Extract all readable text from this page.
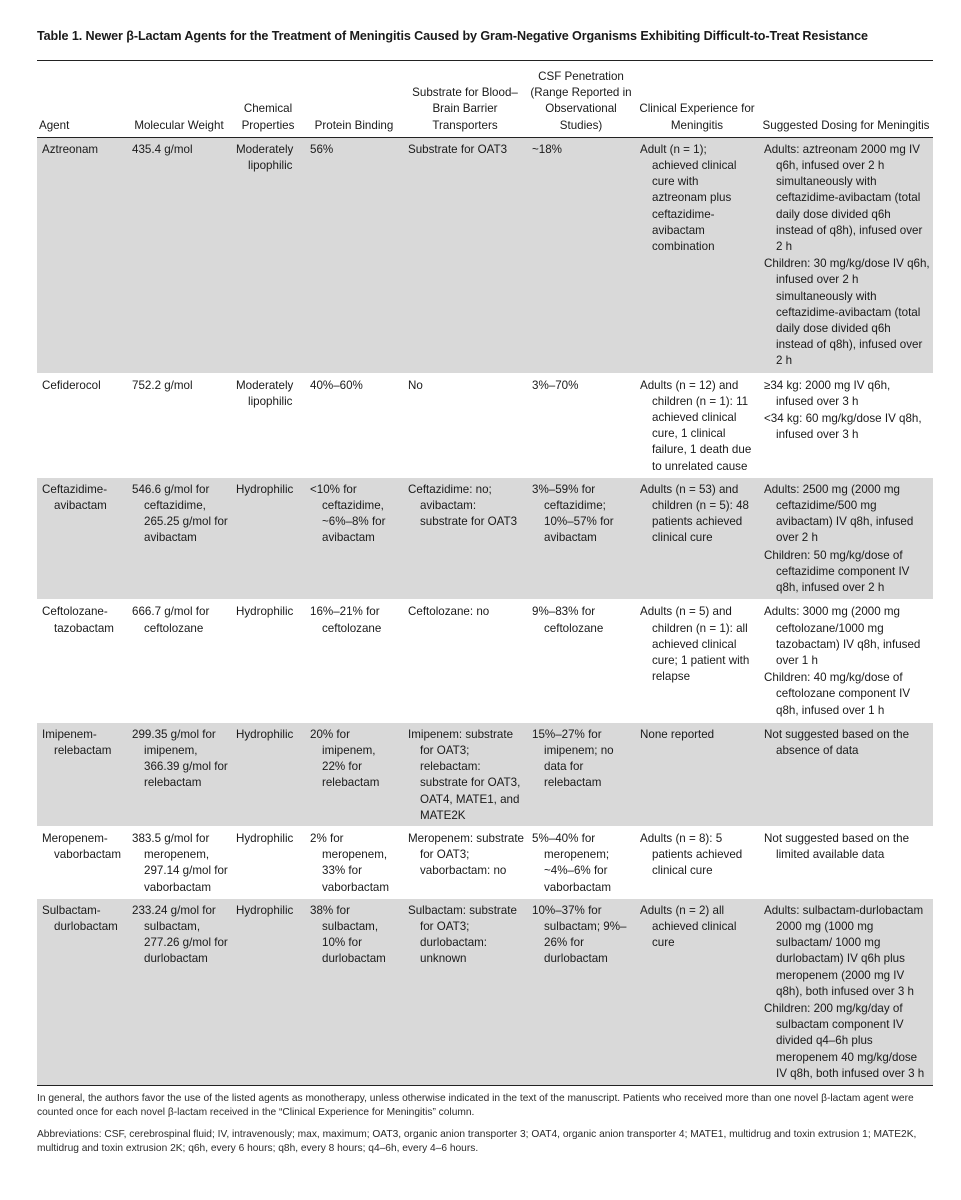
Table 1. Newer β-Lactam Agents for the Treatment of Meningitis Caused by Gram-Negative Organisms Exhibiting Difficult-to-Treat Resistance
Agent	Molecular Weight	Chemical Properties	Protein Binding	Substrate for Blood–Brain Barrier Transporters	CSF Penetration (Range Reported in Observational Studies)	Clinical Experience for Meningitis	Suggested Dosing for Meningitis

Aztreonam	435.4 g/mol	Moderately lipophilic	56%	Substrate for OAT3	~18%	Adult (n = 1); achieved clinical cure with aztreonam plus ceftazidime-avibactam combination	Adults: aztreonam 2000 mg IV q6h, infused over 2 h simultaneously with ceftazidime-avibactam (total daily dose divided q6h instead of q8h), infused over 2 h
Children: 30 mg/kg/dose IV q6h, infused over 2 h simultaneously with ceftazidime-avibactam (total daily dose divided q6h instead of q8h), infused over 2 h

Cefiderocol	752.2 g/mol	Moderately lipophilic	40%–60%	No	3%–70%	Adults (n = 12) and children (n = 1): 11 achieved clinical cure, 1 clinical failure, 1 death due to unrelated cause	≥34 kg: 2000 mg IV q6h, infused over 3 h
<34 kg: 60 mg/kg/dose IV q8h, infused over 3 h

Ceftazidime-avibactam	546.6 g/mol for ceftazidime, 265.25 g/mol for avibactam	Hydrophilic	<10% for ceftazidime, ~6%–8% for avibactam	Ceftazidime: no; avibactam: substrate for OAT3	3%–59% for ceftazidime; 10%–57% for avibactam	Adults (n = 53) and children (n = 5): 48 patients achieved clinical cure	Adults: 2500 mg (2000 mg ceftazidime/500 mg avibactam) IV q8h, infused over 2 h
Children: 50 mg/kg/dose of ceftazidime component IV q8h, infused over 2 h

Ceftolozane-tazobactam	666.7 g/mol for ceftolozane	Hydrophilic	16%–21% for ceftolozane	Ceftolozane: no	9%–83% for ceftolozane	Adults (n = 5) and children (n = 1): all achieved clinical cure; 1 patient with relapse	Adults: 3000 mg (2000 mg ceftolozane/1000 mg tazobactam) IV q8h, infused over 1 h
Children: 40 mg/kg/dose of ceftolozane component IV q8h, infused over 1 h

Imipenem-relebactam	299.35 g/mol for imipenem, 366.39 g/mol for relebactam	Hydrophilic	20% for imipenem, 22% for relebactam	Imipenem: substrate for OAT3; relebactam: substrate for OAT3, OAT4, MATE1, and MATE2K	15%–27% for imipenem; no data for relebactam	None reported	Not suggested based on the absence of data

Meropenem-vaborbactam	383.5 g/mol for meropenem, 297.14 g/mol for vaborbactam	Hydrophilic	2% for meropenem, 33% for vaborbactam	Meropenem: substrate for OAT3; vaborbactam: no	5%–40% for meropenem; ~4%–6% for vaborbactam	Adults (n = 8): 5 patients achieved clinical cure	Not suggested based on the limited available data

Sulbactam-durlobactam	233.24 g/mol for sulbactam, 277.26 g/mol for durlobactam	Hydrophilic	38% for sulbactam, 10% for durlobactam	Sulbactam: substrate for OAT3; durlobactam: unknown	10%–37% for sulbactam; 9%–26% for durlobactam	Adults (n = 2) all achieved clinical cure	Adults: sulbactam-durlobactam 2000 mg (1000 mg sulbactam/ 1000 mg durlobactam) IV q6h plus meropenem (2000 mg IV q8h), both infused over 3 h
Children: 200 mg/kg/day of sulbactam component IV divided q4–6h plus meropenem 40 mg/kg/dose IV q8h, both infused over 3 h

In general, the authors favor the use of the listed agents as monotherapy, unless otherwise indicated in the text of the manuscript. Patients who received more than one novel β-lactam agent were counted once for each novel β-lactam received in the “Clinical Experience for Meningitis” column.

Abbreviations: CSF, cerebrospinal fluid; IV, intravenously; max, maximum; OAT3, organic anion transporter 3; OAT4, organic anion transporter 4; MATE1, multidrug and toxin extrusion 1; MATE2K, multidrug and toxin extrusion 2K; q6h, every 6 hours; q8h, every 8 hours; q4–6h, every 4–6 hours.
